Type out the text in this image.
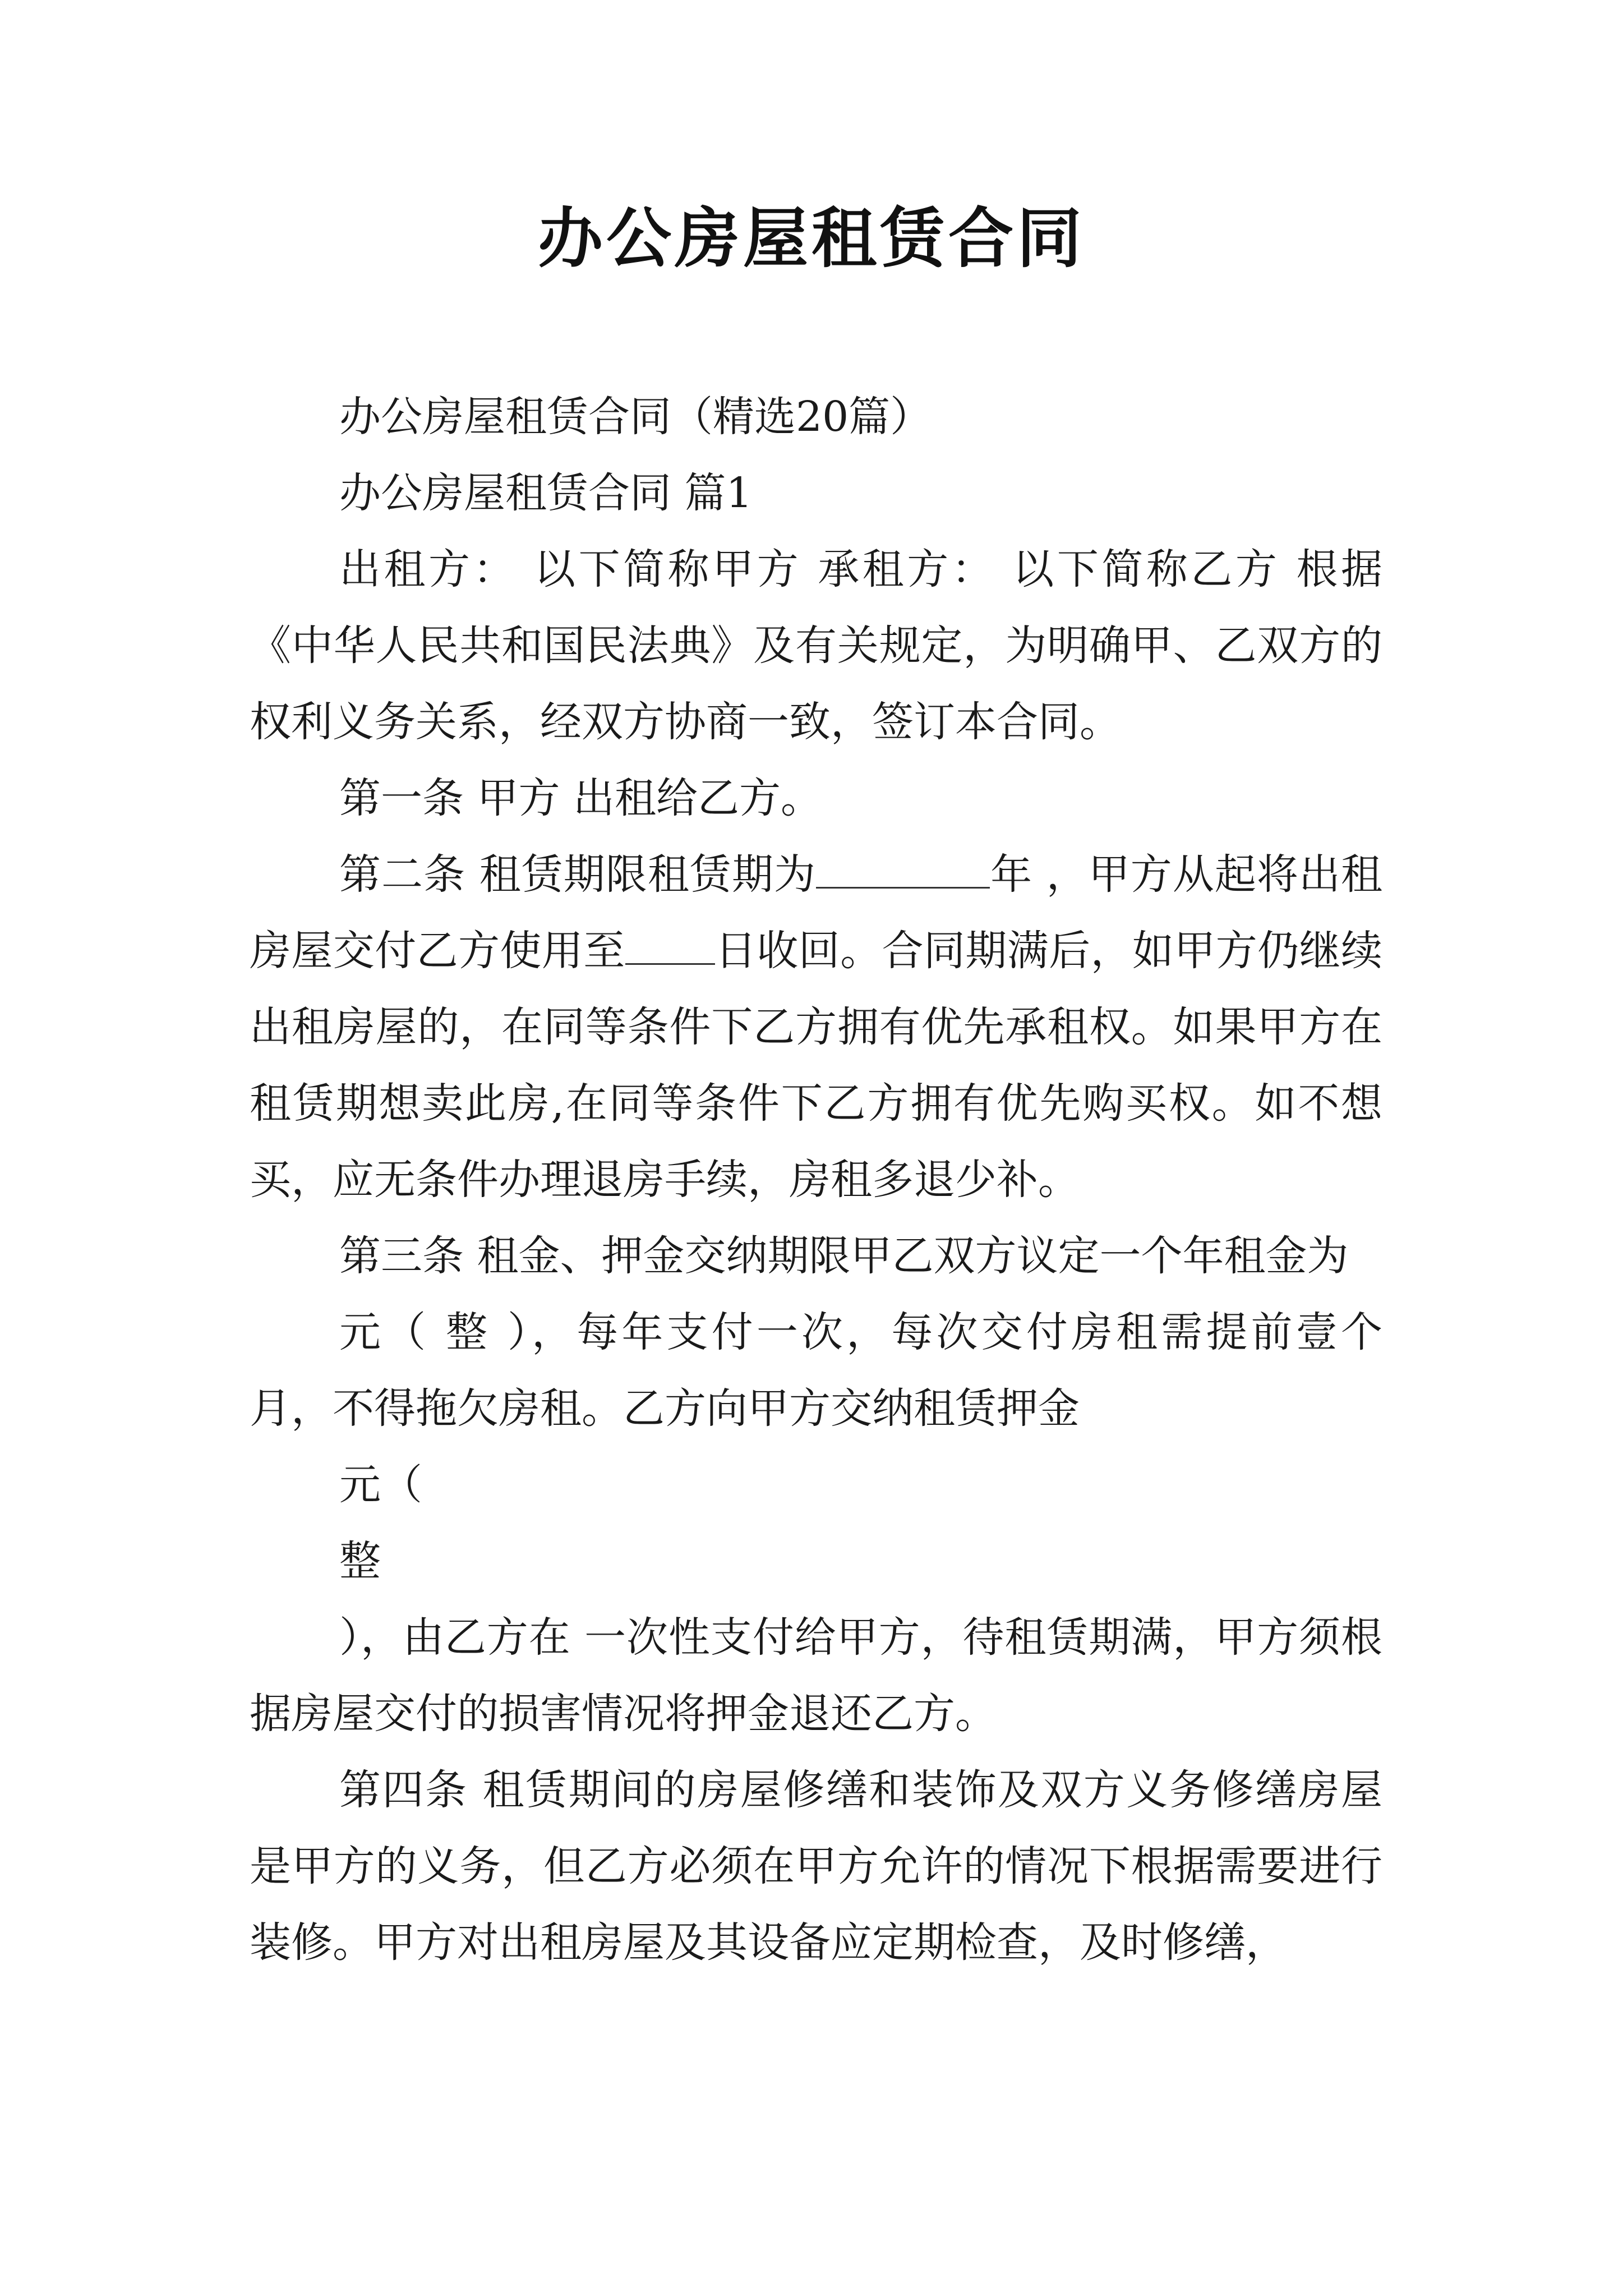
办公房屋租赁合同

办公房屋租赁合同（精选20篇）

办公房屋租赁合同 篇1

出租方： 以下简称甲方 承租方： 以下简称乙方 根据《中华人民共和国民法典》及有关规定，为明确甲、乙双方的权利义务关系，经双方协商一致，签订本合同。

第一条 甲方 出租给乙方。

第二条 租赁期限租赁期为	年 ，甲方从起将出租房屋交付乙方使用至 日收回。合同期满后，如甲方仍继续出租房屋的，在同等条件下乙方拥有优先承租权。如果甲方在租赁期想卖此房,在同等条件下乙方拥有优先购买权。如不想买，应无条件办理退房手续，房租多退少补。

第三条 租金、押金交纳期限甲乙双方议定一个年租金为

元（ 整 ），每年支付一次，每次交付房租需提前壹个月，不得拖欠房租。乙方向甲方交纳租赁押金

元（

整

），由乙方在 一次性支付给甲方，待租赁期满，甲方须根据房屋交付的损害情况将押金退还乙方。

第四条 租赁期间的房屋修缮和装饰及双方义务修缮房屋是甲方的义务，但乙方必须在甲方允许的情况下根据需要进行装修。甲方对出租房屋及其设备应定期检查，及时修缮，
